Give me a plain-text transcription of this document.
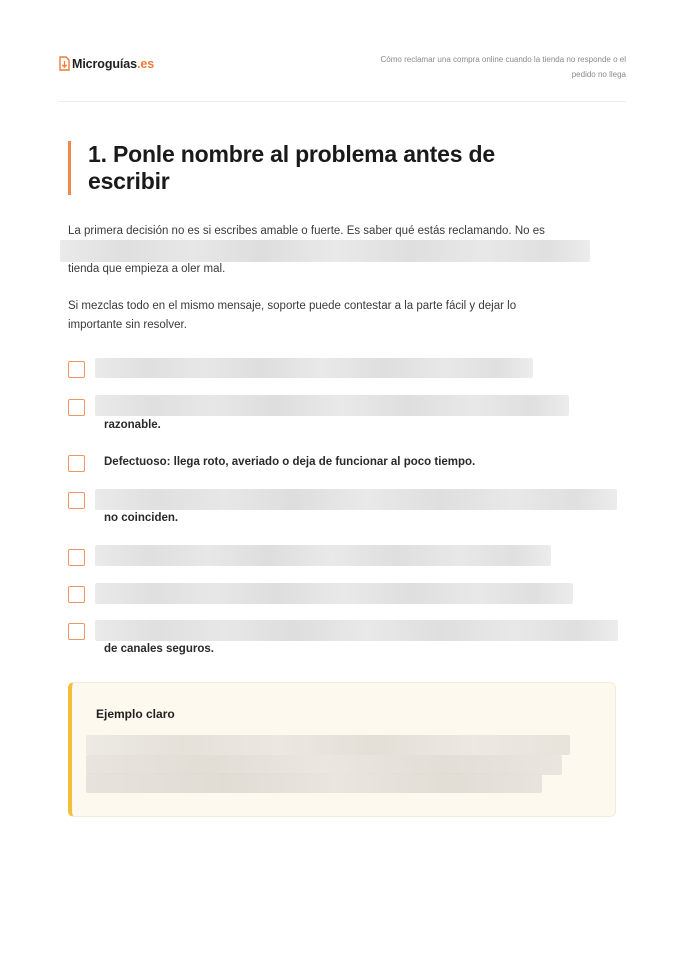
Microguías.es	Cómo reclamar una compra online cuando la tienda no responde o el
pedido no llega
1. Ponle nombre al problema antes de
escribir
La primera decisión no es si escribes amable o fuerte. Es saber qué estás reclamando. No es
tienda que empieza a oler mal.
Si mezclas todo en el mismo mensaje, soporte puede contestar a la parte fácil y dejar lo
importante sin resolver.
razonable.
Defectuoso: llega roto, averiado o deja de funcionar al poco tiempo.
no coinciden.
de canales seguros.
Ejemplo claro
